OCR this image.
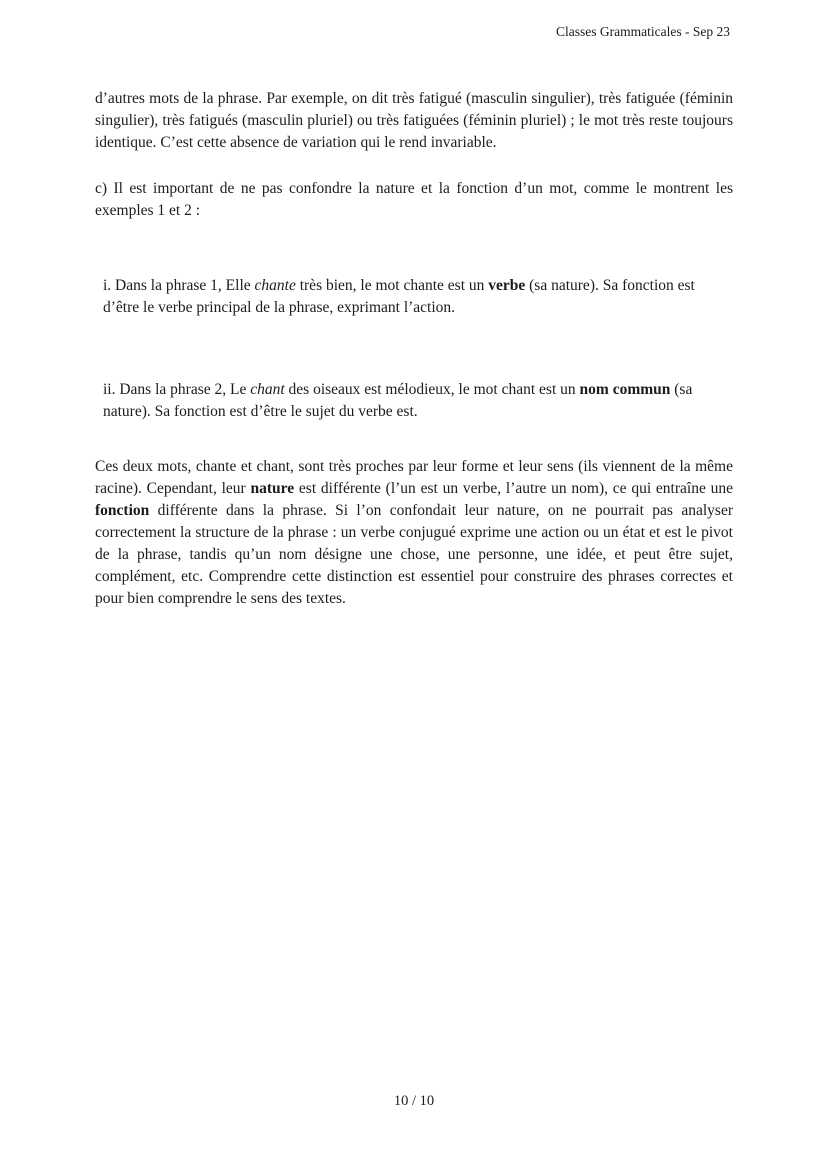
Classes Grammaticales - Sep 23

d’autres mots de la phrase. Par exemple, on dit très fatigué (masculin singulier), très fatiguée (féminin singulier), très fatigués (masculin pluriel) ou très fatiguées (féminin pluriel) ; le mot très reste toujours identique. C’est cette absence de variation qui le rend invariable.

c) Il est important de ne pas confondre la nature et la fonction d’un mot, comme le montrent les exemples 1 et 2 :

i. Dans la phrase 1, Elle chante très bien, le mot chante est un verbe (sa nature). Sa fonction est d’être le verbe principal de la phrase, exprimant l’action.

ii. Dans la phrase 2, Le chant des oiseaux est mélodieux, le mot chant est un nom commun (sa nature). Sa fonction est d’être le sujet du verbe est.

Ces deux mots, chante et chant, sont très proches par leur forme et leur sens (ils viennent de la même racine). Cependant, leur nature est différente (l’un est un verbe, l’autre un nom), ce qui entraîne une fonction différente dans la phrase. Si l’on confondait leur nature, on ne pourrait pas analyser correctement la structure de la phrase : un verbe conjugué exprime une action ou un état et est le pivot de la phrase, tandis qu’un nom désigne une chose, une personne, une idée, et peut être sujet, complément, etc. Comprendre cette distinction est essentiel pour construire des phrases correctes et pour bien comprendre le sens des textes.

10 / 10
